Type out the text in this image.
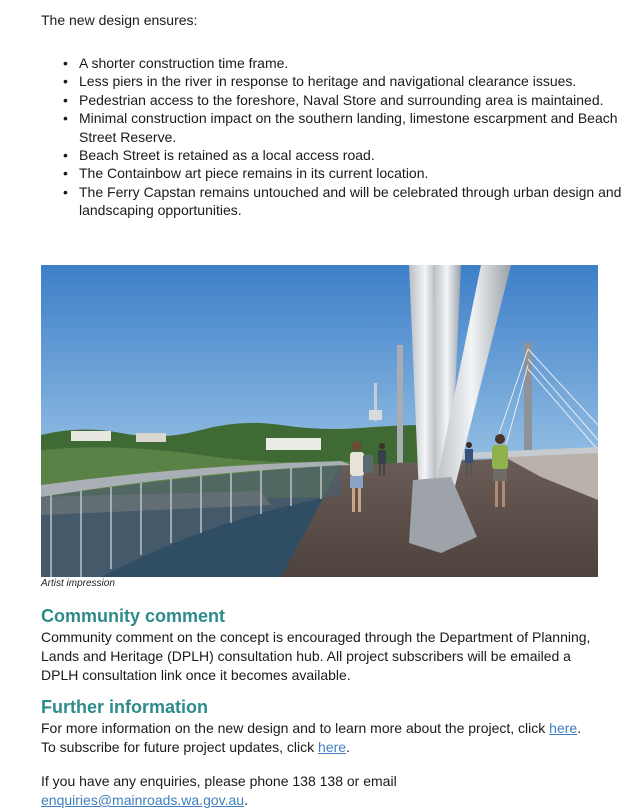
The new design ensures:
• A shorter construction time frame.
• Less piers in the river in response to heritage and navigational clearance issues.
• Pedestrian access to the foreshore, Naval Store and surrounding area is maintained.
• Minimal construction impact on the southern landing, limestone escarpment and Beach Street Reserve.
• Beach Street is retained as a local access road.
• The Containbow art piece remains in its current location.
• The Ferry Capstan remains untouched and will be celebrated through urban design and landscaping opportunities.
Artist impression
Community comment

Community comment on the concept is encouraged through the Department of Planning, Lands and Heritage (DPLH) consultation hub. All project subscribers will be emailed a DPLH consultation link once it becomes available.

Further information

For more information on the new design and to learn more about the project, click here.

To subscribe for future project updates, click here.

If you have any enquiries, please phone 138 138 or email enquiries@mainroads.wa.gov.au.
